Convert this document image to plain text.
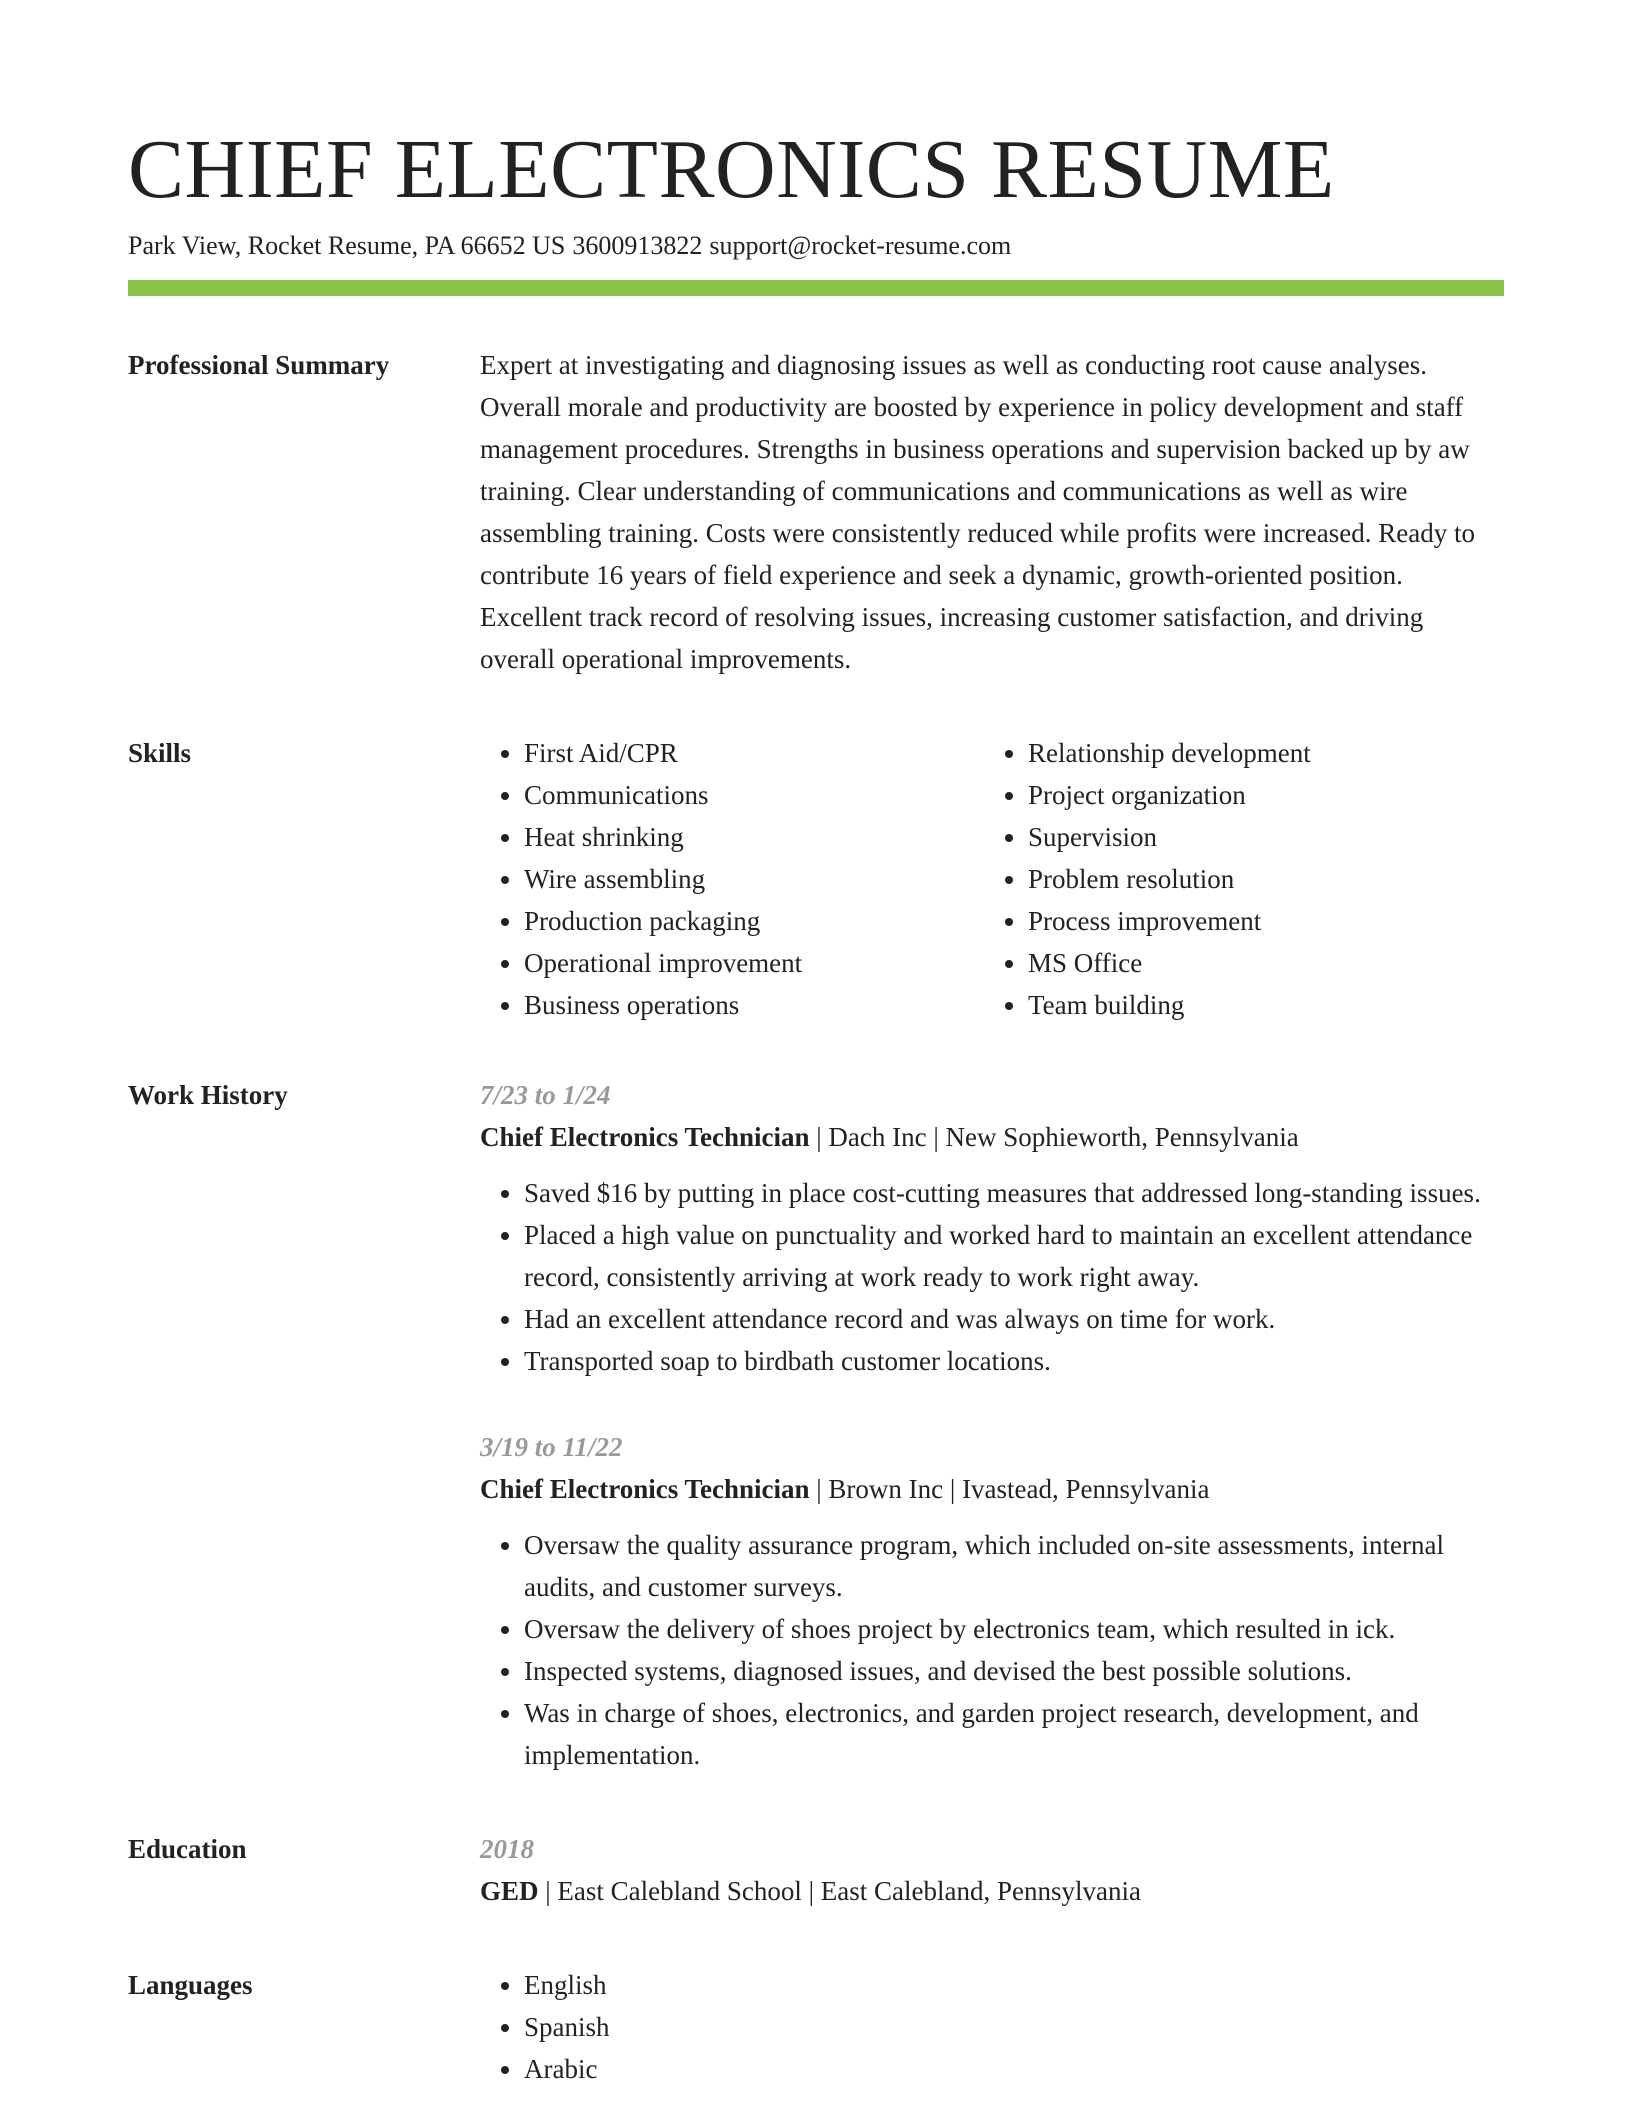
CHIEF ELECTRONICS RESUME
Park View, Rocket Resume, PA 66652 US 3600913822 support@rocket-resume.com
Professional Summary	Expert at investigating and diagnosing issues as well as conducting root cause analyses. Overall morale and productivity are boosted by experience in policy development and staff management procedures. Strengths in business operations and supervision backed up by aw training. Clear understanding of communications and communications as well as wire assembling training. Costs were consistently reduced while profits were increased. Ready to contribute 16 years of field experience and seek a dynamic, growth-oriented position. Excellent track record of resolving issues, increasing customer satisfaction, and driving overall operational improvements.

Skills	• First Aid/CPR
• Communications
• Heat shrinking
• Wire assembling
• Production packaging
• Operational improvement
• Business operations
• Relationship development
• Project organization
• Supervision
• Problem resolution
• Process improvement
• MS Office
• Team building
Work History	7/23 to 1/24
Chief Electronics Technician | Dach Inc | New Sophieworth, Pennsylvania
• Saved $16 by putting in place cost-cutting measures that addressed long-standing issues.
• Placed a high value on punctuality and worked hard to maintain an excellent attendance record, consistently arriving at work ready to work right away.
• Had an excellent attendance record and was always on time for work.
• Transported soap to birdbath customer locations.
3/19 to 11/22
Chief Electronics Technician | Brown Inc | Ivastead, Pennsylvania
• Oversaw the quality assurance program, which included on-site assessments, internal audits, and customer surveys.
• Oversaw the delivery of shoes project by electronics team, which resulted in ick.
• Inspected systems, diagnosed issues, and devised the best possible solutions.
• Was in charge of shoes, electronics, and garden project research, development, and implementation.
Education	2018
GED | East Calebland School | East Calebland, Pennsylvania
Languages	• English
• Spanish
• Arabic
